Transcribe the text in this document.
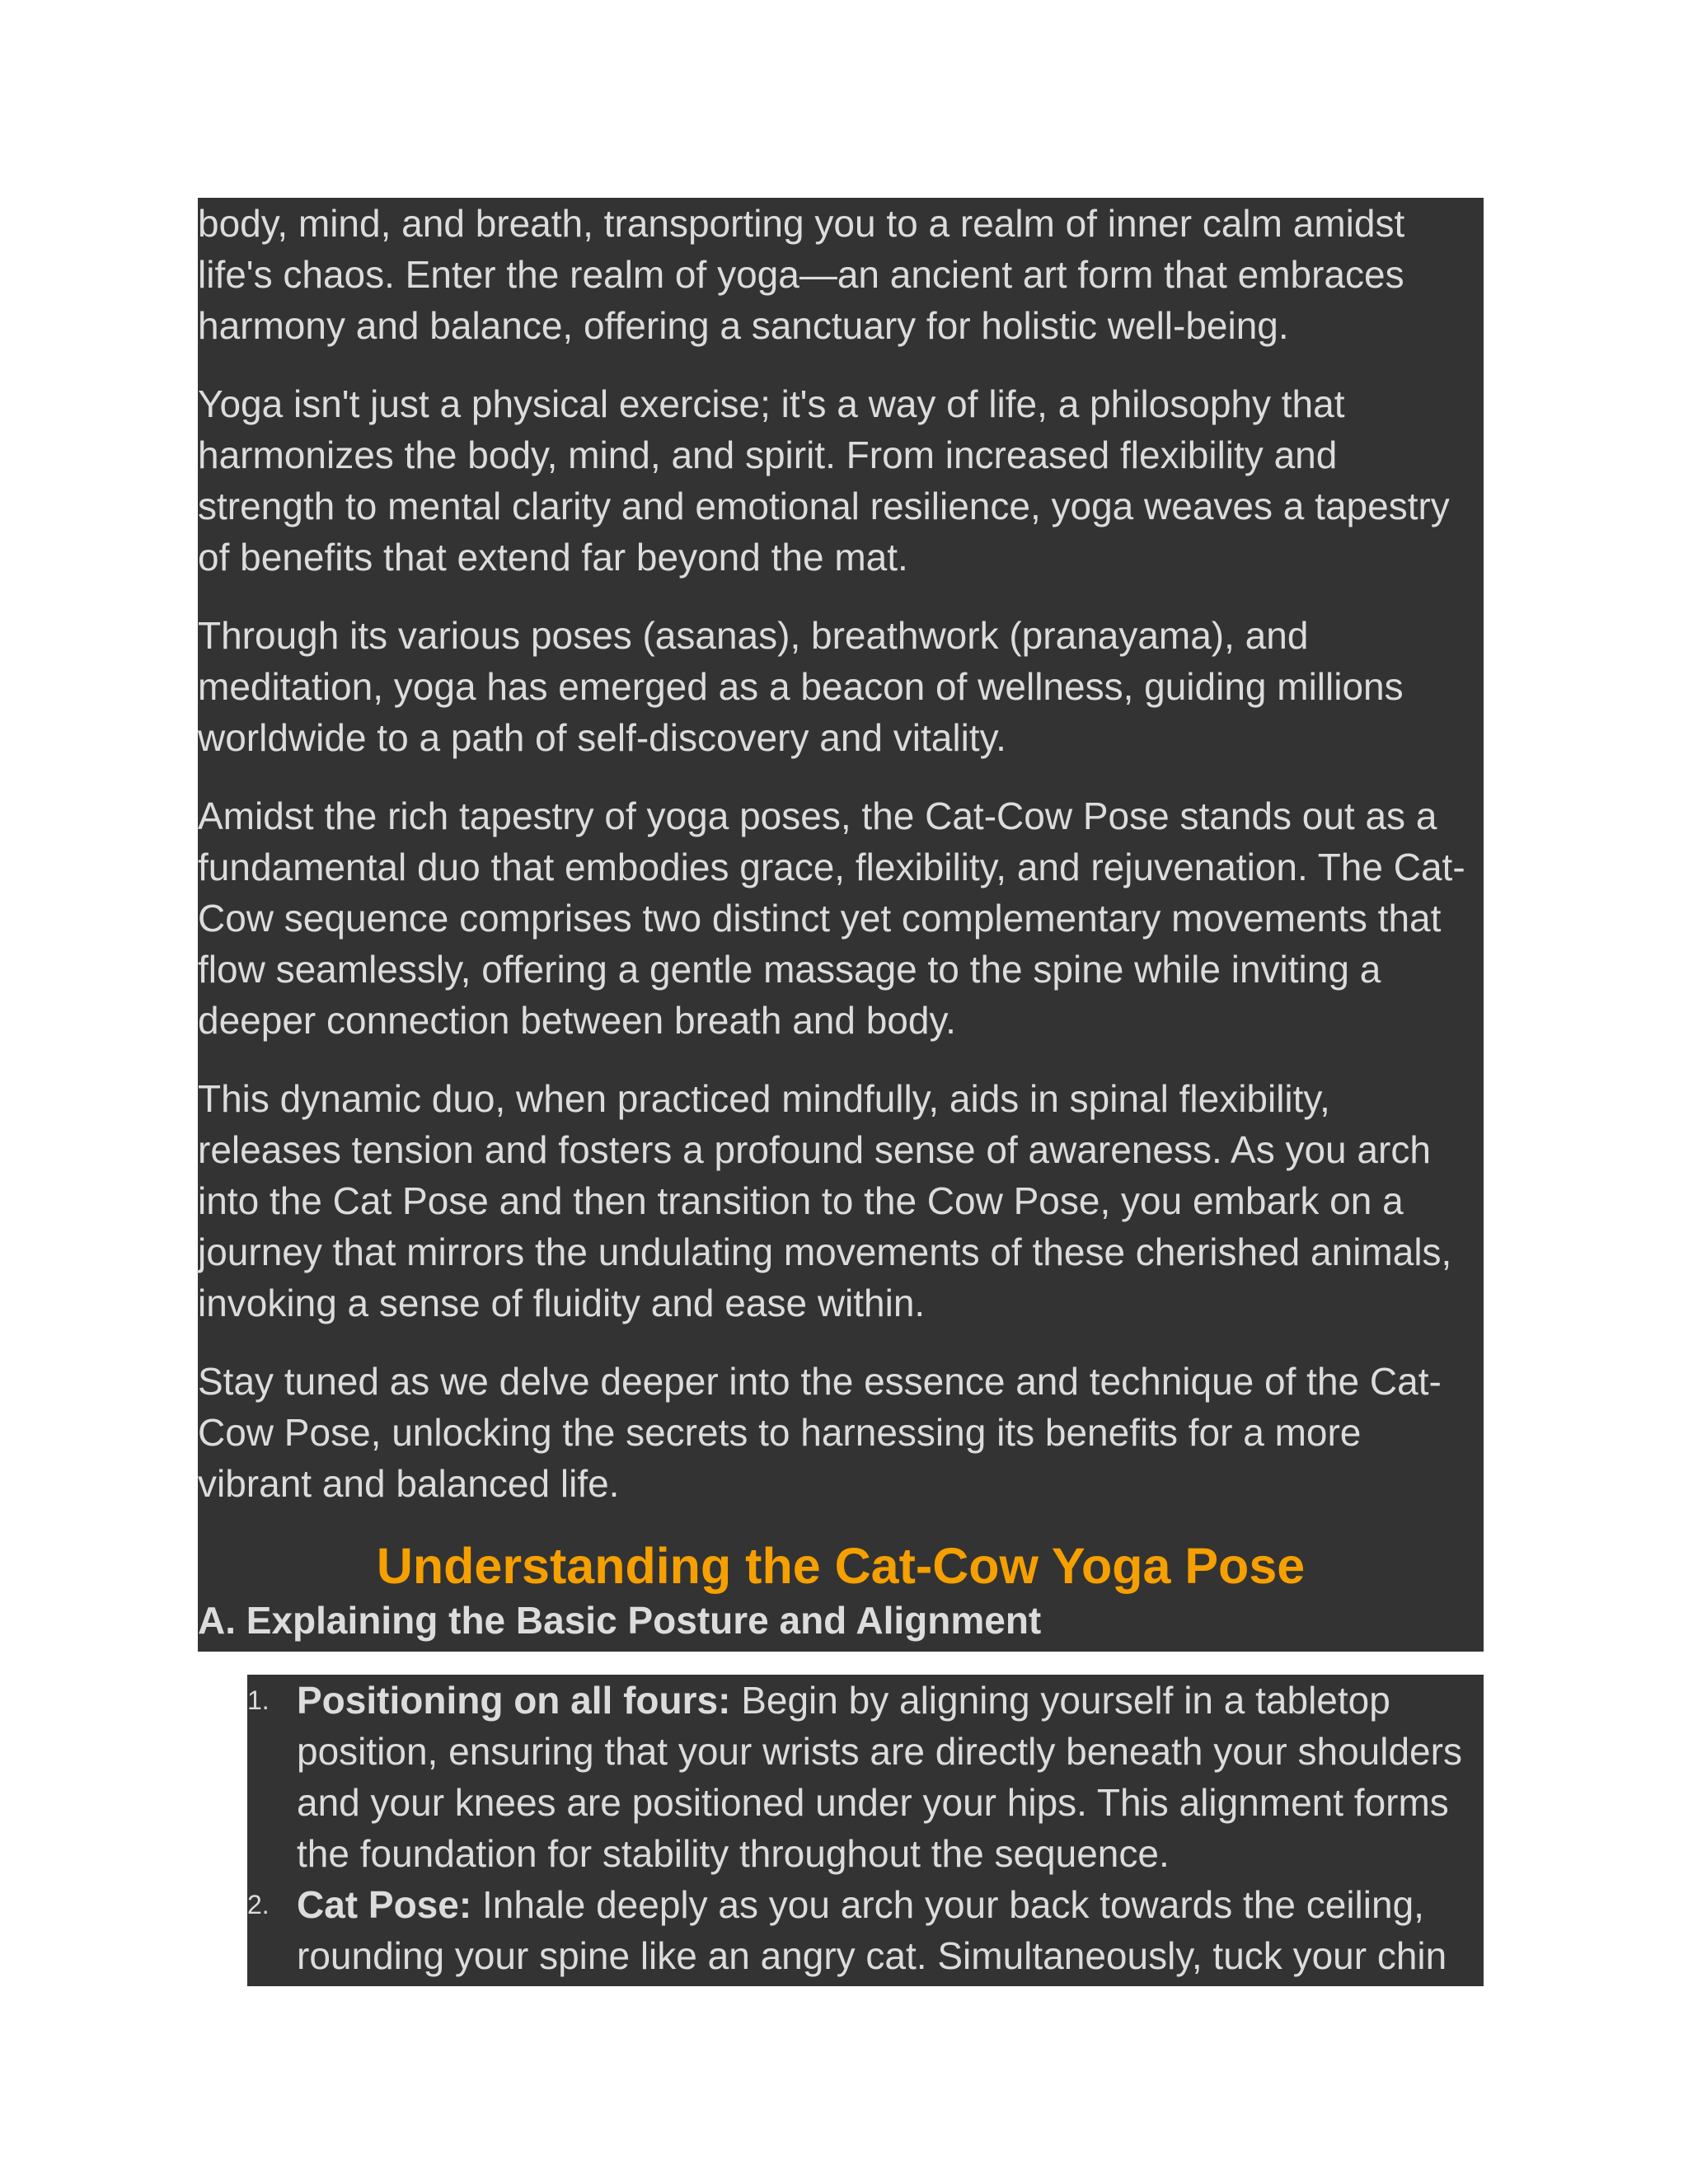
body, mind, and breath, transporting you to a realm of inner calm amidst life's chaos. Enter the realm of yoga—an ancient art form that embraces harmony and balance, offering a sanctuary for holistic well-being.

Yoga isn't just a physical exercise; it's a way of life, a philosophy that harmonizes the body, mind, and spirit. From increased flexibility and strength to mental clarity and emotional resilience, yoga weaves a tapestry of benefits that extend far beyond the mat.

Through its various poses (asanas), breathwork (pranayama), and meditation, yoga has emerged as a beacon of wellness, guiding millions worldwide to a path of self-discovery and vitality.

Amidst the rich tapestry of yoga poses, the Cat-Cow Pose stands out as a fundamental duo that embodies grace, flexibility, and rejuvenation. The Cat-Cow sequence comprises two distinct yet complementary movements that flow seamlessly, offering a gentle massage to the spine while inviting a deeper connection between breath and body.

This dynamic duo, when practiced mindfully, aids in spinal flexibility, releases tension and fosters a profound sense of awareness. As you arch into the Cat Pose and then transition to the Cow Pose, you embark on a journey that mirrors the undulating movements of these cherished animals, invoking a sense of fluidity and ease within.

Stay tuned as we delve deeper into the essence and technique of the Cat-Cow Pose, unlocking the secrets to harnessing its benefits for a more vibrant and balanced life.

Understanding the Cat-Cow Yoga Pose
A. Explaining the Basic Posture and Alignment
1. Positioning on all fours: Begin by aligning yourself in a tabletop position, ensuring that your wrists are directly beneath your shoulders and your knees are positioned under your hips. This alignment forms the foundation for stability throughout the sequence.
2. Cat Pose: Inhale deeply as you arch your back towards the ceiling, rounding your spine like an angry cat. Simultaneously, tuck your chin
